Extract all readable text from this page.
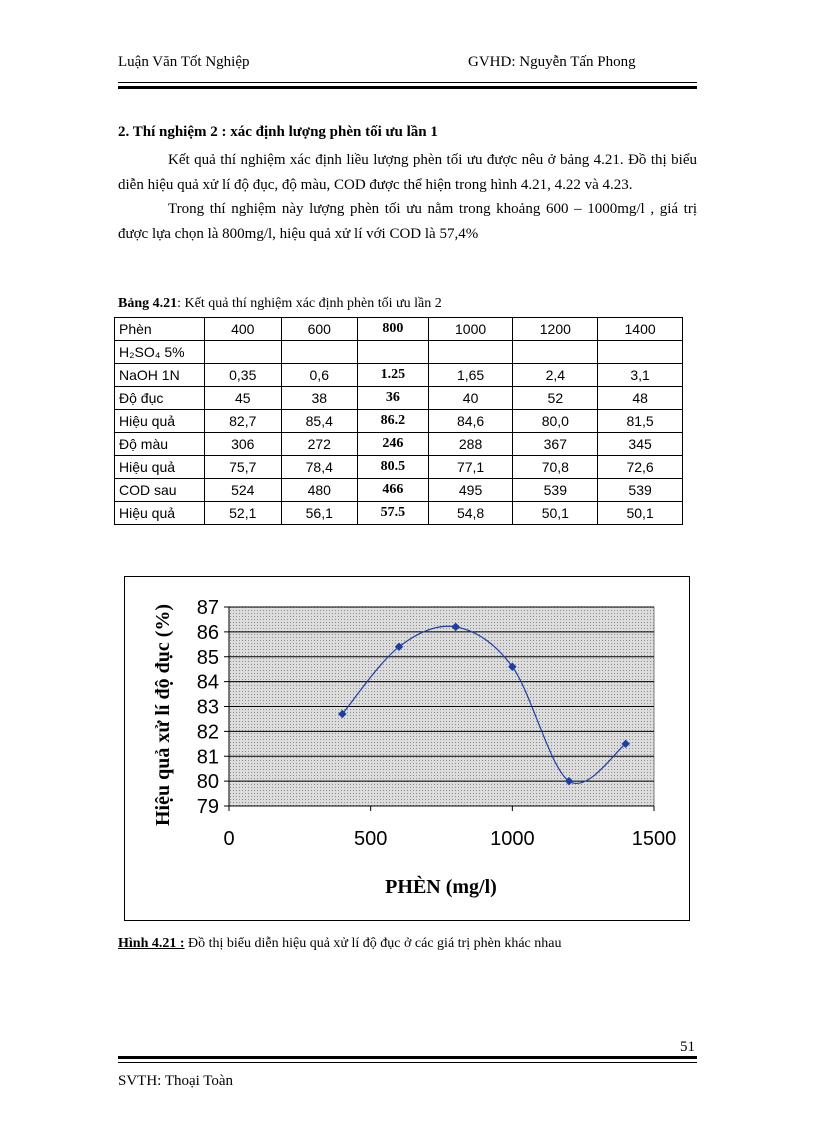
Luận Văn Tốt Nghiệp	GVHD: Nguyễn Tấn Phong
2. Thí nghiệm 2 : xác định lượng phèn tối ưu lần 1

Kết quả thí nghiệm xác định liều lượng phèn tối ưu được nêu ở bảng 4.21. Đồ thị biểu diễn hiệu quả xử lí độ đục, độ màu, COD được thể hiện trong hình 4.21, 4.22 và 4.23.

Trong thí nghiệm này lượng phèn tối ưu nằm trong khoảng 600 – 1000mg/l , giá trị được lựa chọn là 800mg/l, hiệu quả xử lí với COD là 57,4%

Bảng 4.21: Kết quả thí nghiệm xác định phèn tối ưu lần 2
Phèn	400	600	800	1000	1200	1400
H₂SO₄ 5%						
NaOH 1N	0,35	0,6	1.25	1,65	2,4	3,1
Độ đục	45	38	36	40	52	48
Hiệu quả	82,7	85,4	86.2	84,6	80,0	81,5
Độ màu	306	272	246	288	367	345
Hiệu quả	75,7	78,4	80.5	77,1	70,8	72,6
COD sau	524	480	466	495	539	539
Hiệu quả	52,1	56,1	57.5	54,8	50,1	50,1
79
80
81
82
83
84
85
86
87
0	500	1000	1500
PHÈN (mg/l)
Hiệu quả xử lí độ đục (%)
Hình 4.21 : Đồ thị biểu diễn hiệu quả xử lí độ đục ở các giá trị phèn khác nhau
51
SVTH: Thoại Toàn
